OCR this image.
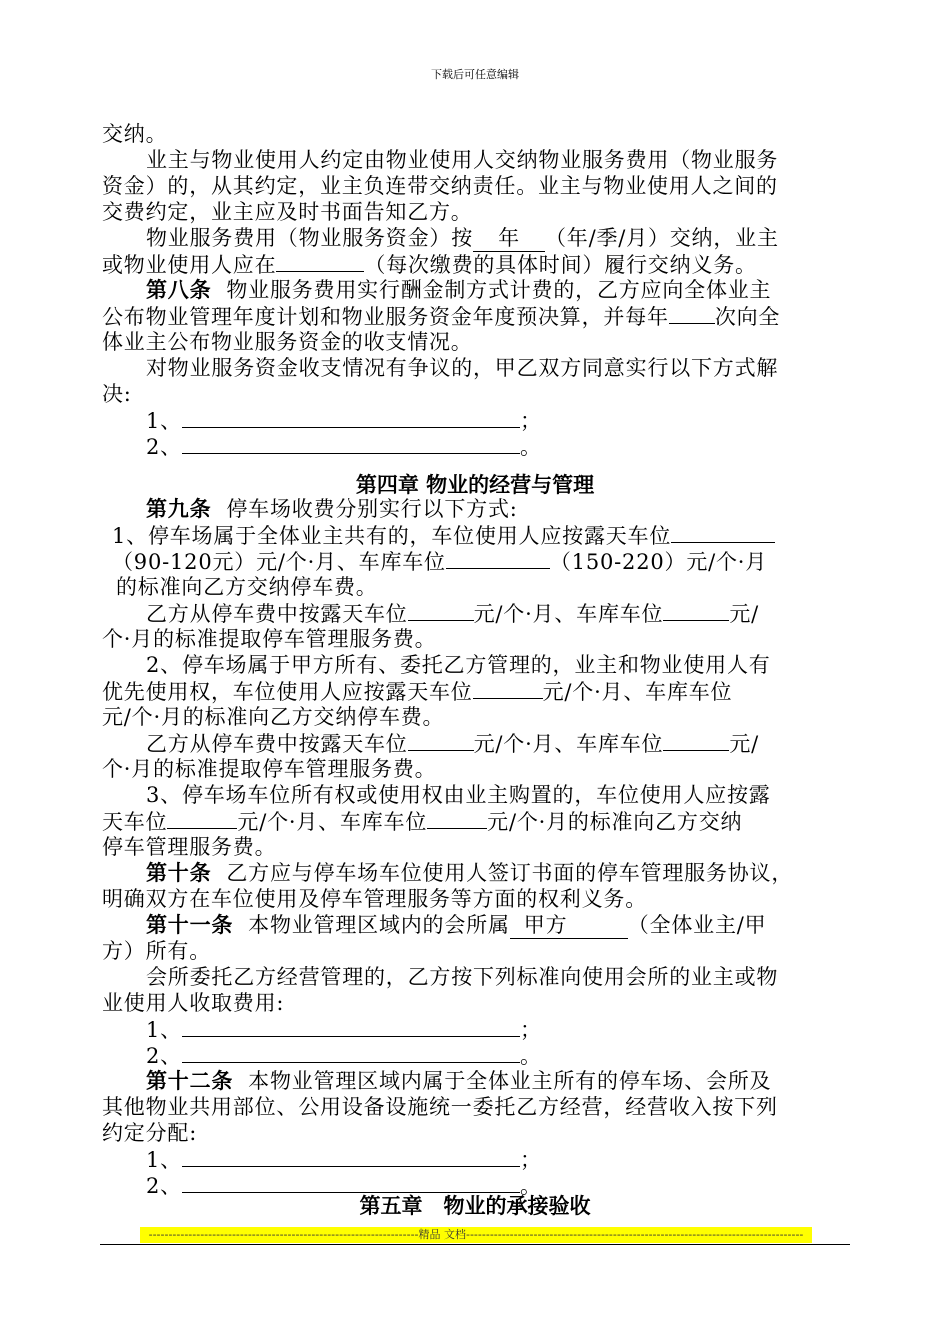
下载后可任意编辑
交纳。
业主与物业使用人约定由物业使用人交纳物业服务费用（物业服务
资金）的，从其约定，业主负连带交纳责任。业主与物业使用人之间的
交费约定，业主应及时书面告知乙方。
物业服务费用（物业服务资金）按 年 （年/季/月）交纳，业主
或物业使用人应在	（每次缴费的具体时间）履行交纳义务。
第八条 物业服务费用实行酬金制方式计费的，乙方应向全体业主
公布物业管理年度计划和物业服务资金年度预决算，并每年 次向全
体业主公布物业服务资金的收支情况。
对物业服务资金收支情况有争议的，甲乙双方同意实行以下方式解
决:
1、	；
2、	。
第四章 物业的经营与管理
第九条 停车场收费分别实行以下方式:
1、停车场属于全体业主共有的，车位使用人应按露天车位
（90-120元）元/个·月、车库车位	（150-220）元/个·月
的标准向乙方交纳停车费。
乙方从停车费中按露天车位	元/个·月、车库车位	元/
个·月的标准提取停车管理服务费。
2、停车场属于甲方所有、委托乙方管理的，业主和物业使用人有
优先使用权，车位使用人应按露天车位	元/个·月、车库车位
元/个·月的标准向乙方交纳停车费。
乙方从停车费中按露天车位	元/个·月、车库车位	元/
个·月的标准提取停车管理服务费。
3、停车场车位所有权或使用权由业主购置的，车位使用人应按露
天车位	元/个·月、车库车位	元/个·月的标准向乙方交纳
停车管理服务费。
第十条 乙方应与停车场车位使用人签订书面的停车管理服务协议，
明确双方在车位使用及停车管理服务等方面的权利义务。
第十一条 本物业管理区域内的会所属 甲方	（全体业主/甲
方）所有。
会所委托乙方经营管理的，乙方按下列标准向使用会所的业主或物
业使用人收取费用:
1、	；
2、	。
第十二条 本物业管理区域内属于全体业主所有的停车场、会所及
其他物业共用部位、公用设备设施统一委托乙方经营，经营收入按下列
约定分配:
1、	；
2、	。
第五章　物业的承接验收
--------------------------------------------------------------------精品 文档-------------------------------------------------------------------------------------
